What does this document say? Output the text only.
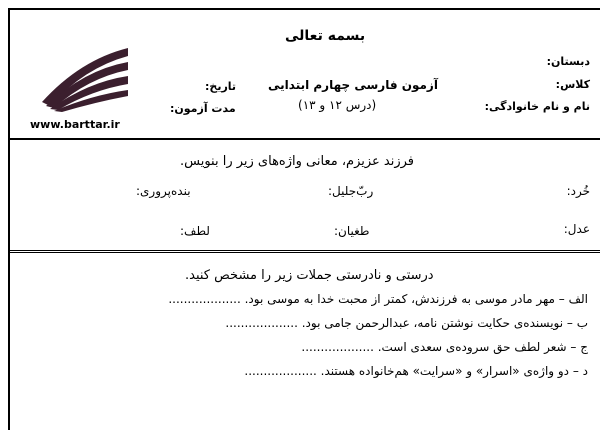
بسمه تعالی
دبستان:
کلاس:
نام و نام خانوادگی:
آزمون فارسی چهارم ابتدایی
(درس ۱۲ و ۱۳)
تاریخ:
مدت آزمون:
www.barttar.ir
فرزند عزیزم، معانی واژه‌های زیر را بنویس.
خُرد:
ربّ‌جلیل:
بنده‌پروری:
عدل:
طغیان:
لطف:
درستی و نادرستی جملات زیر را مشخص کنید.
الف – مهر مادر موسی به فرزندش، کمتر از محبت خدا به موسی بود. ...................
ب – نویسنده‌ی حکایت نوشتن نامه، عبدالرحمن جامی بود. ...................
ج – شعر لطف حق سروده‌ی سعدی است. ...................
د – دو واژه‌ی «اسرار» و «سرایت» هم‌خانواده هستند. ...................
